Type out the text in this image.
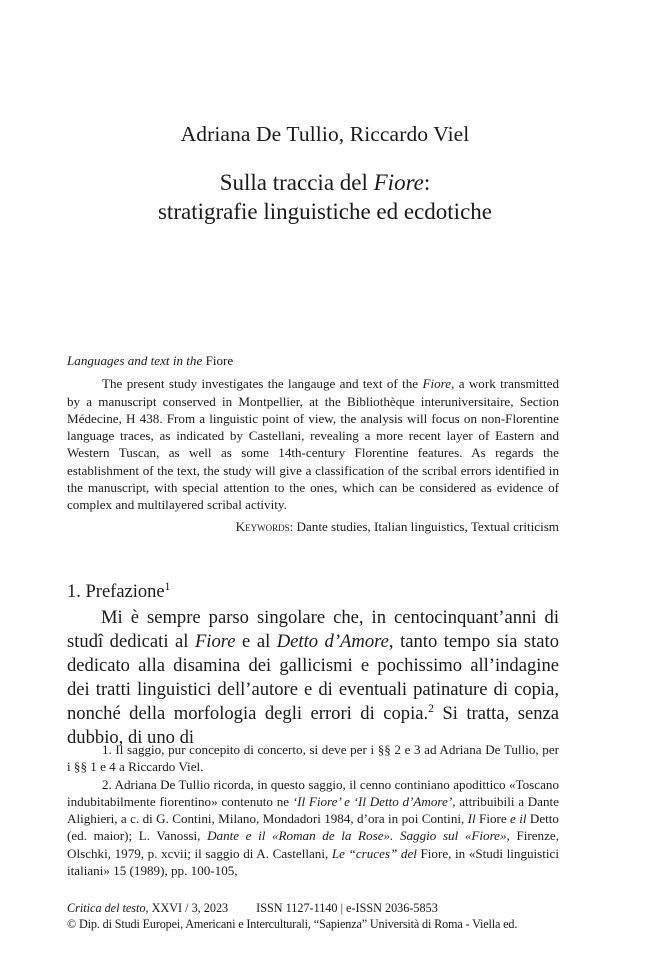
Adriana De Tullio, Riccardo Viel
Sulla traccia del Fiore:
stratigrafie linguistiche ed ecdotiche
Languages and text in the Fiore

The present study investigates the langauge and text of the Fiore, a work transmitted by a manuscript conserved in Montpellier, at the Bibliothèque interuniversitaire, Section Médecine, H 438. From a linguistic point of view, the analysis will focus on non-Florentine language traces, as indicated by Castellani, revealing a more recent layer of Eastern and Western Tuscan, as well as some 14th-century Florentine features. As regards the establishment of the text, the study will give a classification of the scribal errors identified in the manuscript, with special attention to the ones, which can be considered as evidence of complex and multilayered scribal activity.

Keywords: Dante studies, Italian linguistics, Textual criticism
1. Prefazione$^1$

Mi è sempre parso singolare che, in centocinquant’anni di studî dedicati al Fiore e al Detto d’Amore, tanto tempo sia stato dedicato alla disamina dei gallicismi e pochissimo all’indagine dei tratti linguistici dell’autore e di eventuali patinature di copia, nonché della morfologia degli errori di copia.$^2$ Si tratta, senza dubbio, di uno di

1. Il saggio, pur concepito di concerto, si deve per i §§ 2 e 3 ad Adriana De Tullio, per i §§ 1 e 4 a Riccardo Viel.

2. Adriana De Tullio ricorda, in questo saggio, il cenno continiano apodittico «Toscano indubitabilmente fiorentino» contenuto ne ‘Il Fiore’ e ‘Il Detto d’Amore’, attribuibili a Dante Alighieri, a c. di G. Contini, Milano, Mondadori 1984, d’ora in poi Contini, Il Fiore e il Detto (ed. maior); L. Vanossi, Dante e il «Roman de la Rose». Saggio sul «Fiore», Firenze, Olschki, 1979, p. xcvii; il saggio di A. Castellani, Le “cruces” del Fiore, in «Studi linguistici italiani» 15 (1989), pp. 100-105,

Critica del testo, XXVI / 3, 2023 ISSN 1127-1140 | e-ISSN 2036-5853
© Dip. di Studi Europei, Americani e Interculturali, “Sapienza” Università di Roma - Viella ed.
